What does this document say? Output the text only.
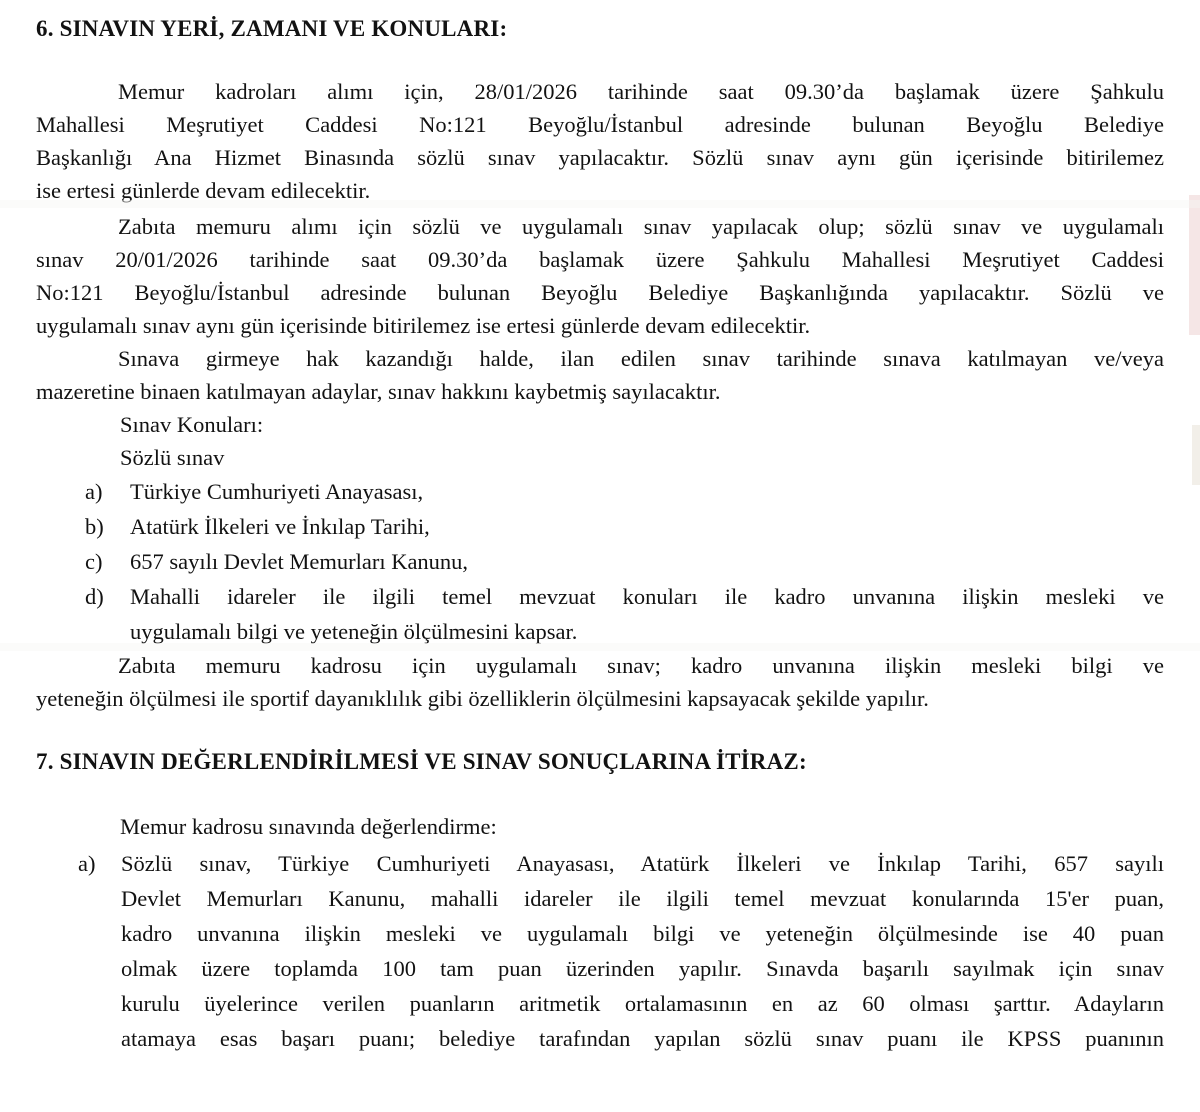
6. SINAVIN YERİ, ZAMANI VE KONULARI:
Memur kadroları alımı için, 28/01/2026 tarihinde saat 09.30’da başlamak üzere Şahkulu
Mahallesi Meşrutiyet Caddesi No:121 Beyoğlu/İstanbul adresinde bulunan Beyoğlu Belediye
Başkanlığı Ana Hizmet Binasında sözlü sınav yapılacaktır. Sözlü sınav aynı gün içerisinde bitirilemez
ise ertesi günlerde devam edilecektir.
Zabıta memuru alımı için sözlü ve uygulamalı sınav yapılacak olup; sözlü sınav ve uygulamalı
sınav 20/01/2026 tarihinde saat 09.30’da başlamak üzere Şahkulu Mahallesi Meşrutiyet Caddesi
No:121 Beyoğlu/İstanbul adresinde bulunan Beyoğlu Belediye Başkanlığında yapılacaktır. Sözlü ve
uygulamalı sınav aynı gün içerisinde bitirilemez ise ertesi günlerde devam edilecektir.
Sınava girmeye hak kazandığı halde, ilan edilen sınav tarihinde sınava katılmayan ve/veya
mazeretine binaen katılmayan adaylar, sınav hakkını kaybetmiş sayılacaktır.
Sınav Konuları:
Sözlü sınav
a)	Türkiye Cumhuriyeti Anayasası,
b)	Atatürk İlkeleri ve İnkılap Tarihi,
c)	657 sayılı Devlet Memurları Kanunu,
d)	Mahalli idareler ile ilgili temel mevzuat konuları ile kadro unvanına ilişkin mesleki ve
uygulamalı bilgi ve yeteneğin ölçülmesini kapsar.
Zabıta memuru kadrosu için uygulamalı sınav; kadro unvanına ilişkin mesleki bilgi ve
yeteneğin ölçülmesi ile sportif dayanıklılık gibi özelliklerin ölçülmesini kapsayacak şekilde yapılır.
7. SINAVIN DEĞERLENDİRİLMESİ VE SINAV SONUÇLARINA İTİRAZ:
Memur kadrosu sınavında değerlendirme:
a)	Sözlü sınav, Türkiye Cumhuriyeti Anayasası, Atatürk İlkeleri ve İnkılap Tarihi, 657 sayılı
Devlet Memurları Kanunu, mahalli idareler ile ilgili temel mevzuat konularında 15'er puan,
kadro unvanına ilişkin mesleki ve uygulamalı bilgi ve yeteneğin ölçülmesinde ise 40 puan
olmak üzere toplamda 100 tam puan üzerinden yapılır. Sınavda başarılı sayılmak için sınav
kurulu üyelerince verilen puanların aritmetik ortalamasının en az 60 olması şarttır. Adayların
atamaya esas başarı puanı; belediye tarafından yapılan sözlü sınav puanı ile KPSS puanının
